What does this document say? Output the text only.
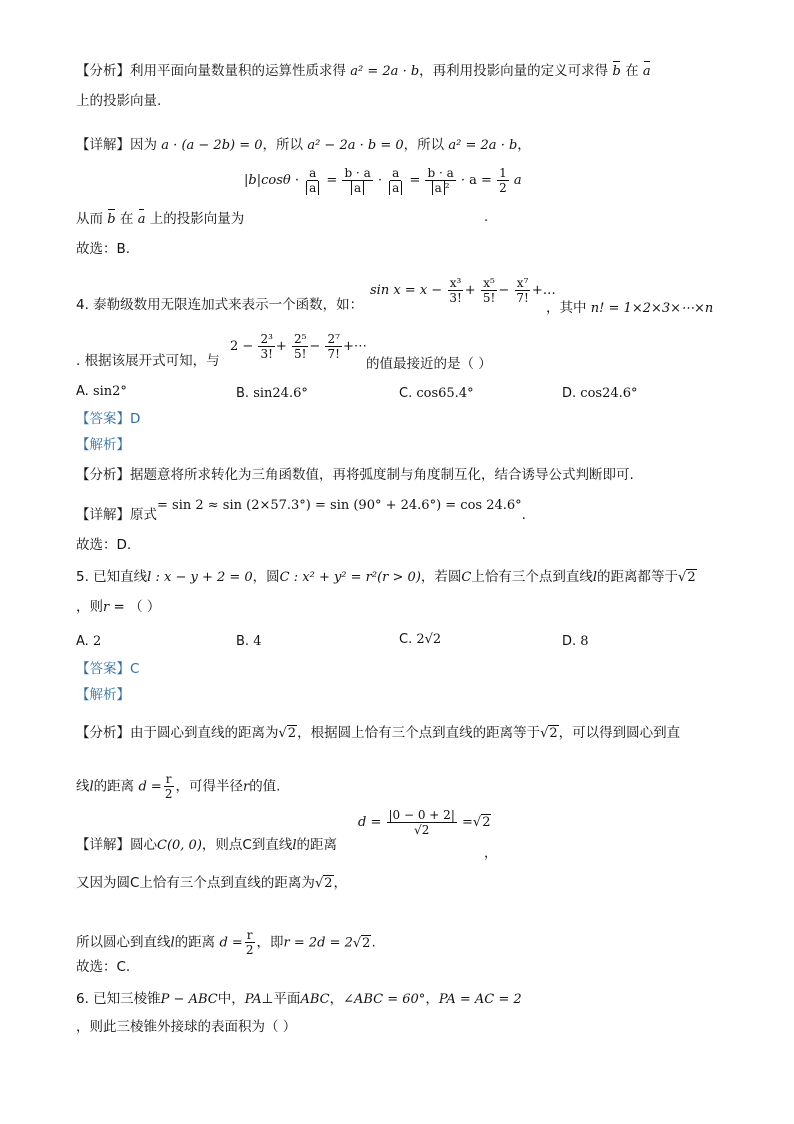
【分析】利用平面向量数量积的运算性质求得 a² = 2a · b，再利用投影向量的定义可求得 b 在 a
上的投影向量.
【详解】因为 a · (a − 2b) = 0，所以 a² − 2a · b = 0，所以 a² = 2a · b，
$|b|\cos\theta \cdot \frac{a}{a} = \frac{b \cdot a}{a} \cdot \frac{a}{a} = \frac{b \cdot a}{\text{a ²}} \cdot a = \frac{1}{2}$ a
从而 b 在 a 上的投影向量为	.
故选：B.
4. 泰勒级数用无限连加式来表示一个函数，如：
$\sin x = x - \frac{\text{x³}}{3!} + \frac{\text{x⁵}}{5!} - \frac{\text{x⁷}}{7!}$ +…
，其中 n! = 1×2×3×⋯×n
$2 - \frac{\text{2³}}{3!} + \frac{\text{2⁵}}{5!} - \frac{\text{2⁷}}{7!}$ +⋯
. 根据该展开式可知，与	的值最接近的是（ ）
A. sin2°	B. sin24.6°	C. cos65.4°	D. cos24.6°
【答案】D
【解析】
【分析】据题意将所求转化为三角函数值，再将弧度制与角度制互化，结合诱导公式判断即可.
【详解】原式= sin 2 ≈ sin (2×57.3°) = sin (90° + 24.6°) = cos 24.6°.
故选：D.
5. 已知直线l : x − y + 2 = 0，圆C : x² + y² = r²(r > 0)，若圆C上恰有三个点到直线l的距离都等于√2
，则r = （ ）
A. 2	B. 4	C. 2√2	D. 8
【答案】C
【解析】
【分析】由于圆心到直线的距离为√2，根据圆上恰有三个点到直线的距离等于√2，可以得到圆心到直
线l的距离 $d = \frac{r}{2}$ ，可得半径r的值.
【详解】圆心C(0, 0)，则点C到直线l的距离
$d = \frac{|0 - 0 + 2|}{√2} =√2$
，
又因为圆C上恰有三个点到直线的距离为√2，
所以圆心到直线l的距离 $d = \frac{r}{2}$ ，即r = 2d = 2√2.
故选：C.
6. 已知三棱锥P − ABC中，PA⊥平面ABC，∠ABC = 60°，PA = AC = 2
，则此三棱锥外接球的表面积为（ ）
